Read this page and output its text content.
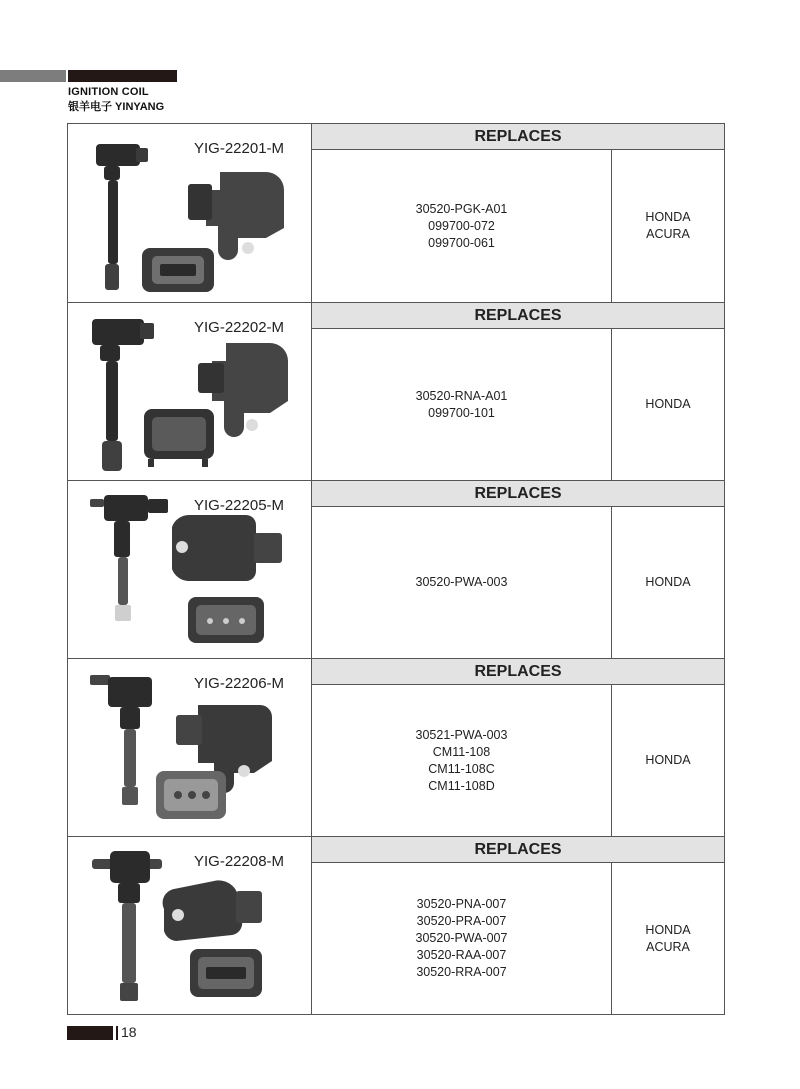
IGNITION COIL
银羊电子 YINYANG
YIG-22201-M
REPLACES
30520-PGK-A01
099700-072
099700-061
HONDA
ACURA
YIG-22202-M
REPLACES
30520-RNA-A01
099700-101
HONDA
YIG-22205-M
REPLACES
30520-PWA-003	HONDA
YIG-22206-M
REPLACES
30521-PWA-003
CM11-108
CM11-108C
CM11-108D
HONDA
YIG-22208-M
REPLACES
30520-PNA-007
30520-PRA-007
30520-PWA-007
30520-RAA-007
30520-RRA-007
HONDA
ACURA
18
